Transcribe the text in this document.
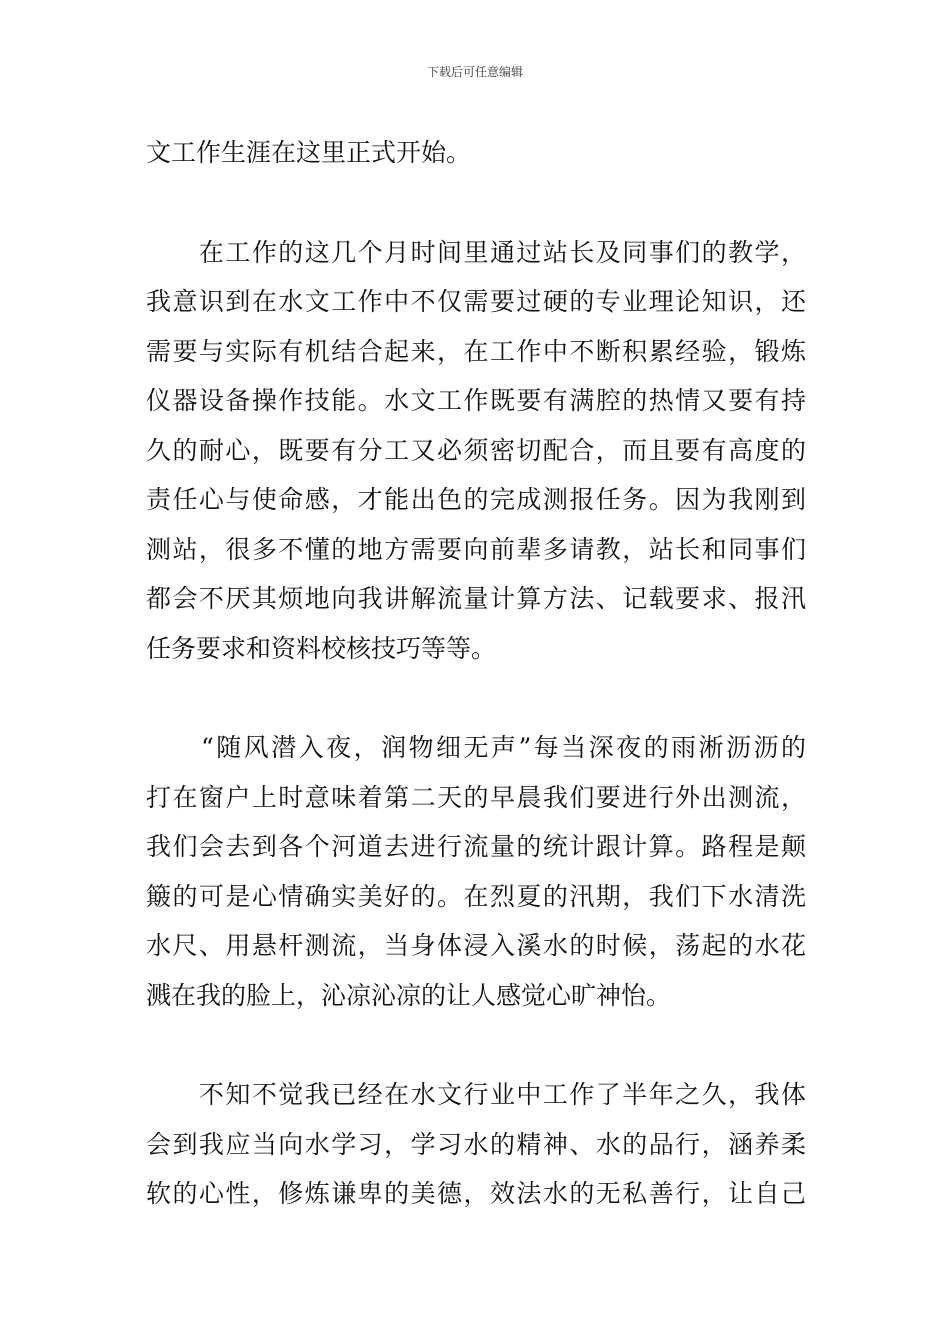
下载后可任意编辑
文工作生涯在这里正式开始。
　　在工作的这几个月时间里通过站长及同事们的教学，
我意识到在水文工作中不仅需要过硬的专业理论知识，还
需要与实际有机结合起来，在工作中不断积累经验，锻炼
仪器设备操作技能。水文工作既要有满腔的热情又要有持
久的耐心，既要有分工又必须密切配合，而且要有高度的
责任心与使命感，才能出色的完成测报任务。因为我刚到
测站，很多不懂的地方需要向前辈多请教，站长和同事们
都会不厌其烦地向我讲解流量计算方法、记载要求、报汛
任务要求和资料校核技巧等等。
　　“随风潜入夜，润物细无声”每当深夜的雨淅沥沥的
打在窗户上时意味着第二天的早晨我们要进行外出测流，
我们会去到各个河道去进行流量的统计跟计算。路程是颠
簸的可是心情确实美好的。在烈夏的汛期，我们下水清洗
水尺、用悬杆测流，当身体浸入溪水的时候，荡起的水花
溅在我的脸上，沁凉沁凉的让人感觉心旷神怡。
　　不知不觉我已经在水文行业中工作了半年之久，我体
会到我应当向水学习，学习水的精神、水的品行，涵养柔
软的心性，修炼谦卑的美德，效法水的无私善行，让自己
